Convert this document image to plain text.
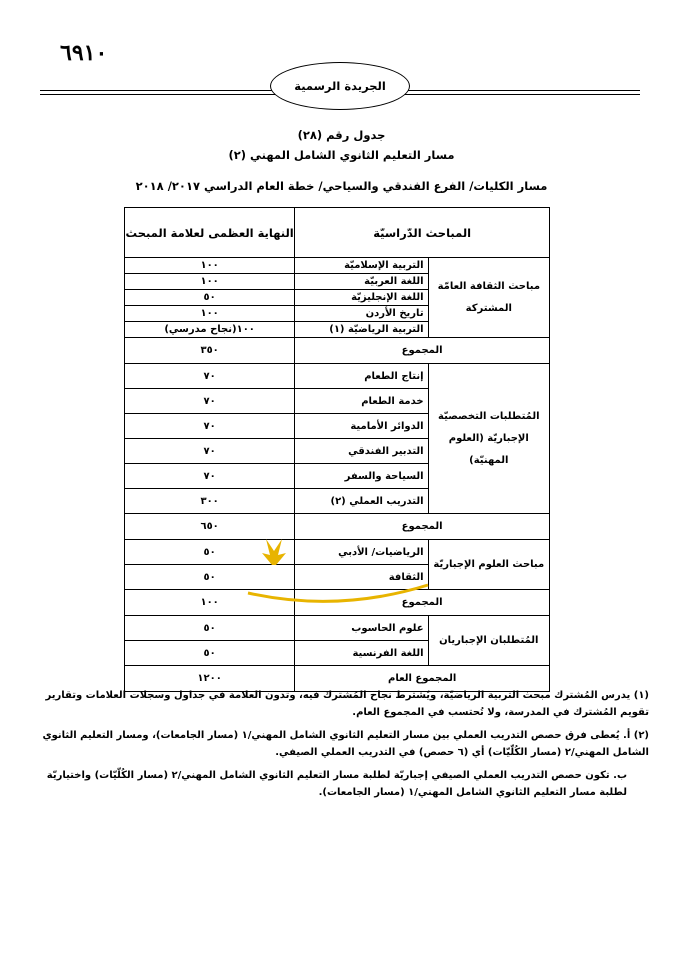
٦٩١٠
الجريدة الرسمية
جدول رقم (٢٨)
مسار التعليم الثانوي الشامل المهني (٢)
مسار الكليات/ الفرع الفندقي والسياحي/ خطة العام الدراسي ٢٠١٧/ ٢٠١٨
المباحث الدّراسيّة		النهاية العظمى لعلامة المبحث
مباحث الثقافة العامّة المشتركة	التربية الإسلاميّة	١٠٠
	اللغة العربيّة	١٠٠
	اللغة الإنجليزيّة	٥٠
	تاريخ الأردن	١٠٠
	التربية الرياضيّة (١)	١٠٠(نجاح مدرسي)
المجموع		٣٥٠
المُتطلبات التخصصيّة الإجباريّة (العلوم المهنيّة)	إنتاج الطعام	٧٠
	خدمة الطعام	٧٠
	الدوائر الأمامية	٧٠
	التدبير الفندقي	٧٠
	السياحة والسفر	٧٠
	التدريب العملي (٢)	٣٠٠
المجموع		٦٥٠
مباحث العلوم الإجباريّة	الرياضيات/ الأدبي	٥٠
	الثقافة	٥٠
المجموع		١٠٠
المُتطلبان الإجباريان	علوم الحاسوب	٥٠
	اللغة الفرنسية	٥٠
المجموع العام		١٢٠٠

(١) يدرس المُشترك مبحث التربية الرياضيّة، ويُشترط نجاح المُشترك فيه، وتدون العلامة في جداول وسجلات العلامات وتقارير تقويم المُشترك في المدرسة، ولا تُحتسب في المجموع العام.

(٢) أ. يُعطى فرق حصص التدريب العملي بين مسار التعليم الثانوي الشامل المهني/١ (مسار الجامعات)، ومسار التعليم الثانوي الشامل المهني/٢ (مسار الكُلّيّات) أي (٦ حصص) في التدريب العملي الصيفي.

ب. تكون حصص التدريب العملي الصيفي إجباريّة لطلبة مسار التعليم الثانوي الشامل المهني/٢ (مسار الكُلّيّات) واختياريّة لطلبة مسار التعليم الثانوي الشامل المهني/١ (مسار الجامعات).
